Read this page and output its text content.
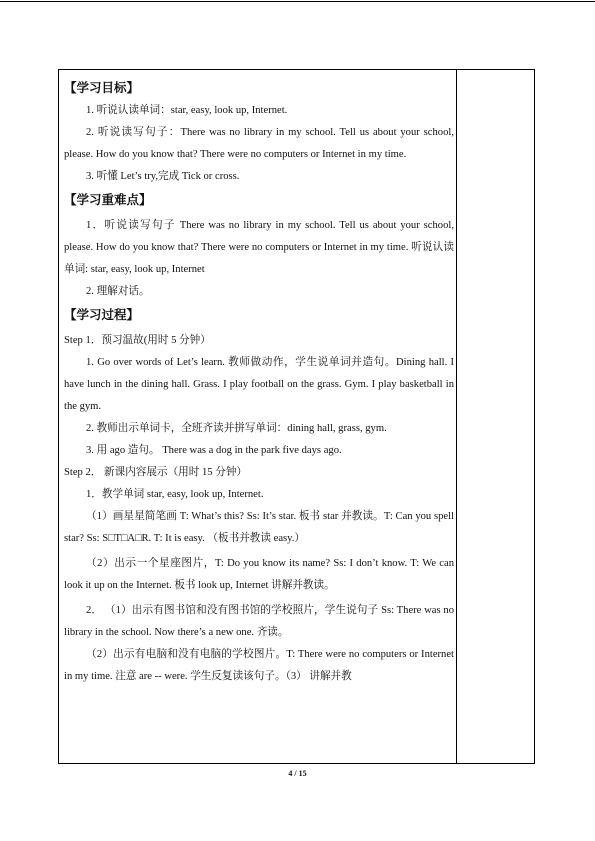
【学习目标】

1. 听说认读单词：star, easy, look up, Internet.

2. 听说读写句子：There was no library in my school. Tell us about your school, please. How do you know that? There were no computers or Internet in my time.

3. 听懂 Let’s try,完成 Tick or cross.

【学习重难点】

1．听说读写句子 There was no library in my school. Tell us about your school, please. How do you know that? There were no computers or Internet in my time. 听说认读单词: star, easy, look up, Internet

2. 理解对话。

【学习过程】

Step 1．预习温故(用时 5 分钟）

1. Go over words of Let’s learn. 教师做动作，学生说单词并造句。Dining hall. I have lunch in the dining hall. Grass. I play football on the grass. Gym. I play basketball in the gym.

2. 教师出示单词卡，全班齐读并拼写单词：dining hall, grass, gym.

3. 用 ago 造句。 There was a dog in the park five days ago.

Step 2． 新课内容展示（用时 15 分钟）

1．教学单词 star, easy, look up, Internet.

（1）画星星简笔画 T: What’s this? Ss: It’s star. 板书 star 并教读。T: Can you spell star? Ss: S□T□A□R. T: It is easy. （板书并教读 easy.）

（2）出示一个星座图片，T: Do you know its name? Ss: I don’t know. T: We can look it up on the Internet. 板书 look up, Internet 讲解并教读。

2． （1）出示有图书馆和没有图书馆的学校照片，学生说句子 Ss: There was no library in the school. Now there’s a new one. 齐读。

（2）出示有电脑和没有电脑的学校图片。T: There were no computers or Internet in my time. 注意 are -- were. 学生反复读该句子。（3） 讲解并教

4 / 15
